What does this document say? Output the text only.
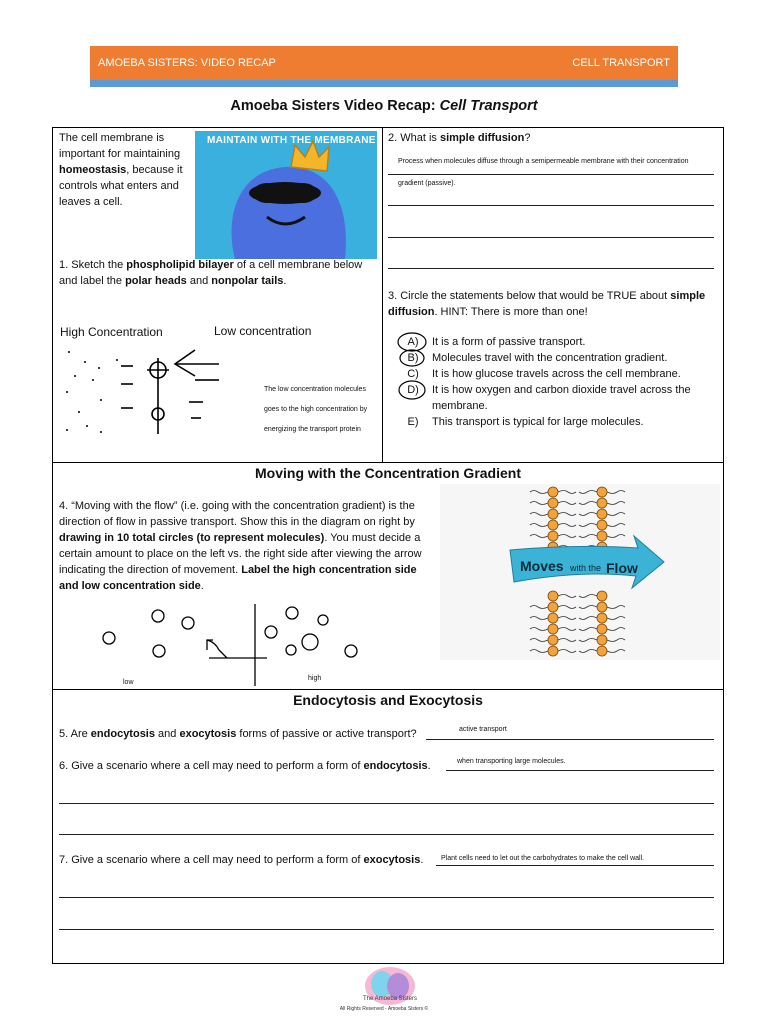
AMOEBA SISTERS: VIDEO RECAP	CELL TRANSPORT
Amoeba Sisters Video Recap: Cell Transport
The cell membrane is important for maintaining homeostasis, because it controls what enters and leaves a cell.
MAINTAIN WITH THE MEMBRANE
1. Sketch the phospholipid bilayer of a cell membrane below and label the polar heads and nonpolar tails.
High Concentration	Low concentration
The low concentration molecules
goes to the high concentration by
energizing the transport protein
2. What is simple diffusion?
Process when molecules diffuse through a semipermeable membrane with their concentration
gradient (passive).
3. Circle the statements below that would be TRUE about simple diffusion. HINT: There is more than one!
A)	It is a form of passive transport.
B)	Molecules travel with the concentration gradient.
C)	It is how glucose travels across the cell membrane.
D)	It is how oxygen and carbon dioxide travel across the membrane.
E)	This transport is typical for large molecules.
Moving with the Concentration Gradient
4. “Moving with the flow” (i.e. going with the concentration gradient) is the direction of flow in passive transport. Show this in the diagram on right by drawing in 10 total circles (to represent molecules). You must decide a certain amount to place on the left vs. the right side after viewing the arrow indicating the direction of movement. Label the high concentration side and low concentration side.
low
high
Moves with the Flow
Endocytosis and Exocytosis
5. Are endocytosis and exocytosis forms of passive or active transport?	active transport
6. Give a scenario where a cell may need to perform a form of endocytosis.	when transporting large molecules.
7. Give a scenario where a cell may need to perform a form of exocytosis.	Plant cells need to let out the carbohydrates to make the cell wall.
The Amoeba Sisters
All Rights Reserved - Amoeba Sisters ©
